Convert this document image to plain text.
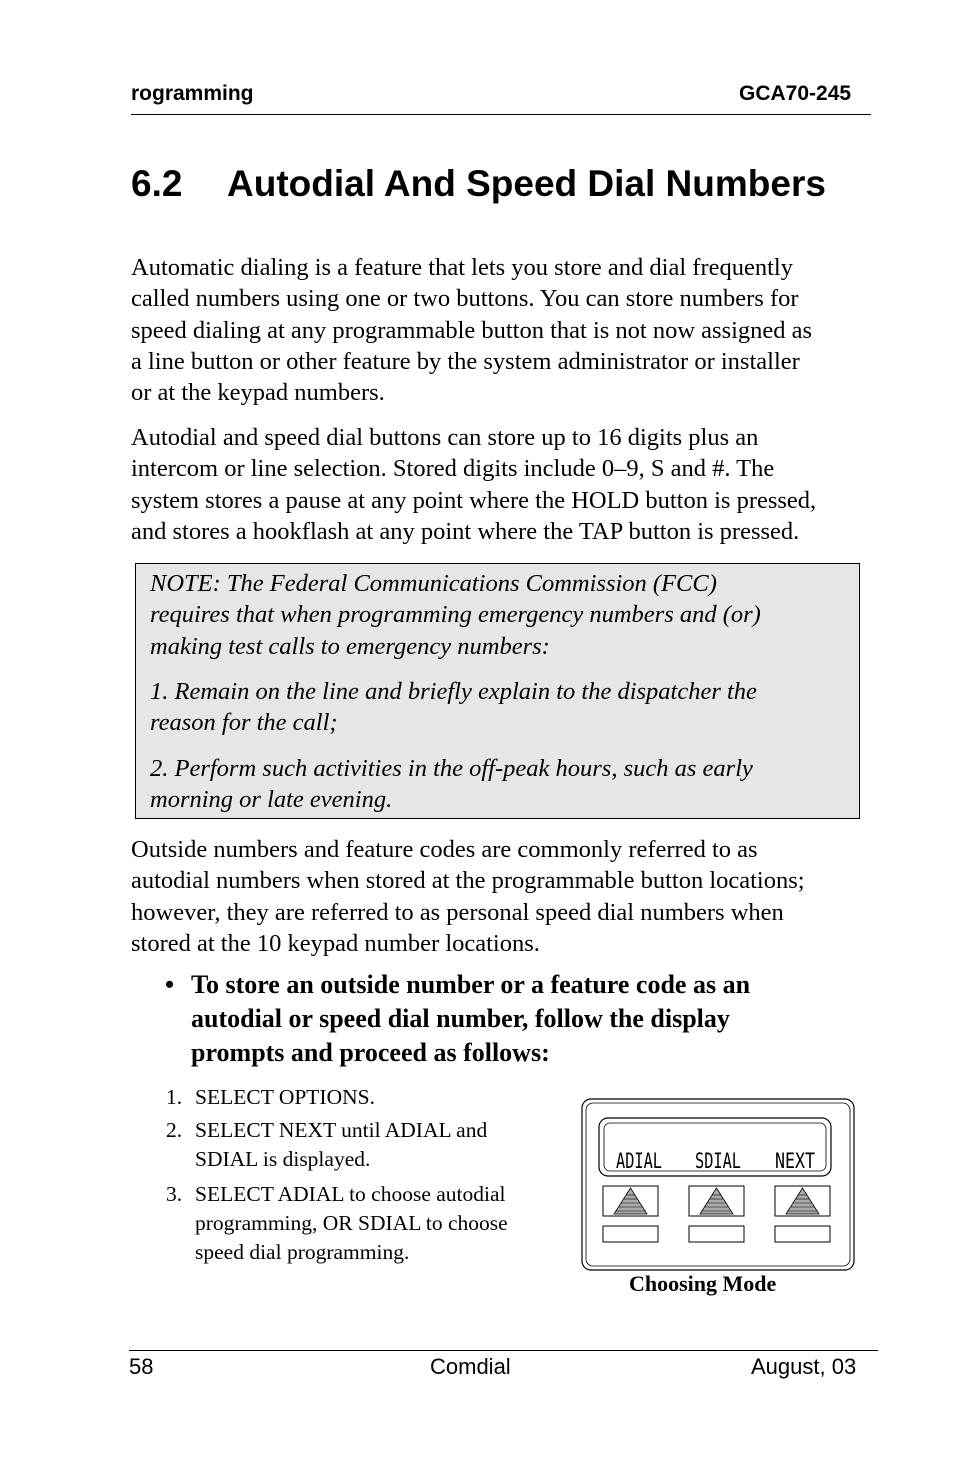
rogramming	GCA70-245
6.2 Autodial And Speed Dial Numbers
Automatic dialing is a feature that lets you store and dial frequently
called numbers using one or two buttons. You can store numbers for
speed dialing at any programmable button that is not now assigned as
a line button or other feature by the system administrator or installer
or at the keypad numbers.
Autodial and speed dial buttons can store up to 16 digits plus an
intercom or line selection. Stored digits include 0–9, S and #. The
system stores a pause at any point where the HOLD button is pressed,
and stores a hookflash at any point where the TAP button is pressed.

NOTE: The Federal Communications Commission (FCC)
requires that when programming emergency numbers and (or)
making test calls to emergency numbers:

1. Remain on the line and briefly explain to the dispatcher the
reason for the call;

2. Perform such activities in the off-peak hours, such as early
morning or late evening.

Outside numbers and feature codes are commonly referred to as
autodial numbers when stored at the programmable button locations;
however, they are referred to as personal speed dial numbers when
stored at the 10 keypad number locations.
• To store an outside number or a feature code as an
autodial or speed dial number, follow the display
prompts and proceed as follows:
1. SELECT OPTIONS.
2. SELECT NEXT until ADIAL and
SDIAL is displayed.
3. SELECT ADIAL to choose autodial
programming, OR SDIAL to choose
speed dial programming.
ADIAL SDIAL NEXT
Choosing Mode
58	Comdial	August, 03
